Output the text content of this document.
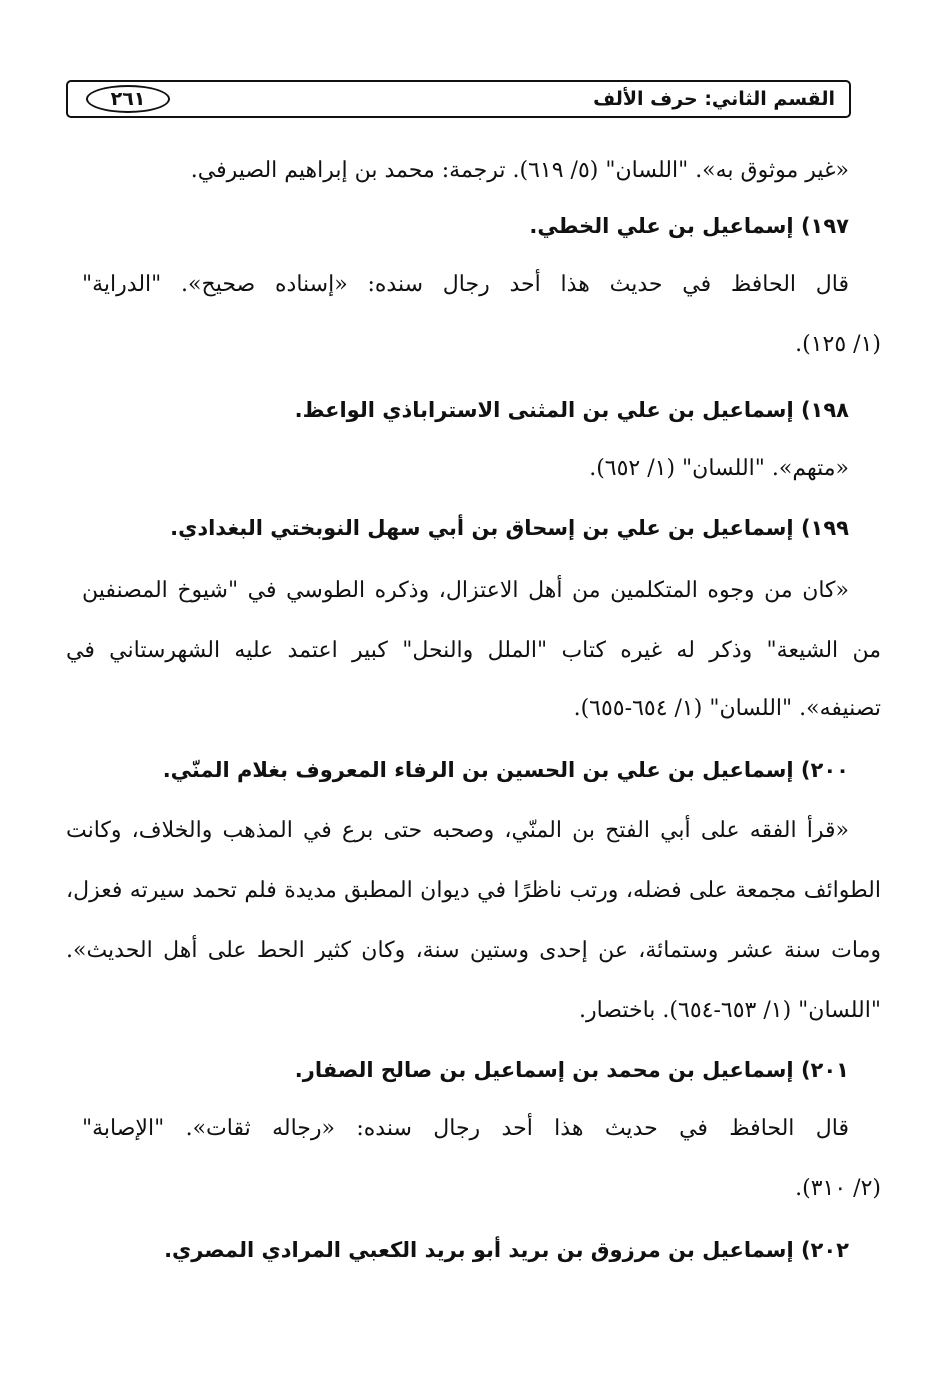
القسم الثاني: حرف الألف
٢٦١
«غير موثوق به». "اللسان" (٥/ ٦١٩). ترجمة: محمد بن إبراهيم الصيرفي.
١٩٧) إسماعيل بن علي الخطي.
قال الحافظ في حديث هذا أحد رجال سنده: «إسناده صحيح». "الدراية"
(١/ ١٢٥).
١٩٨) إسماعيل بن علي بن المثنى الاستراباذي الواعظ.
«متهم». "اللسان" (١/ ٦٥٢).
١٩٩) إسماعيل بن علي بن إسحاق بن أبي سهل النوبختي البغدادي.
«كان من وجوه المتكلمين من أهل الاعتزال، وذكره الطوسي في "شيوخ المصنفين
من الشيعة" وذكر له غيره كتاب "الملل والنحل" كبير اعتمد عليه الشهرستاني في
تصنيفه». "اللسان" (١/ ٦٥٤-٦٥٥).
٢٠٠) إسماعيل بن علي بن الحسين بن الرفاء المعروف بغلام المنّي.
«قرأ الفقه على أبي الفتح بن المنّي، وصحبه حتى برع في المذهب والخلاف، وكانت
الطوائف مجمعة على فضله، ورتب ناظرًا في ديوان المطبق مديدة فلم تحمد سيرته فعزل،
ومات سنة عشر وستمائة، عن إحدى وستين سنة، وكان كثير الحط على أهل الحديث».
"اللسان" (١/ ٦٥٣-٦٥٤). باختصار.
٢٠١) إسماعيل بن محمد بن إسماعيل بن صالح الصفار.
قال الحافظ في حديث هذا أحد رجال سنده: «رجاله ثقات». "الإصابة"
(٢/ ٣١٠).
٢٠٢) إسماعيل بن مرزوق بن بريد أبو بريد الكعبي المرادي المصري.
